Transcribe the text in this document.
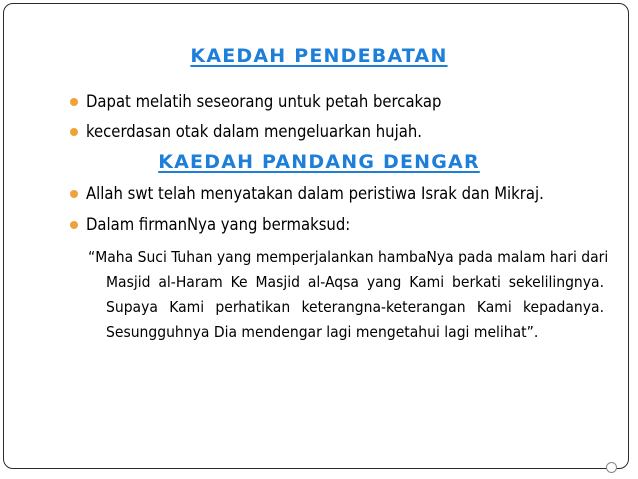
KAEDAH PENDEBATAN
Dapat melatih seseorang untuk petah bercakap
kecerdasan otak dalam mengeluarkan hujah.
KAEDAH PANDANG DENGAR
Allah swt telah menyatakan dalam peristiwa Israk dan Mikraj.
Dalam firmanNya yang bermaksud:
“Maha Suci Tuhan yang memperjalankan hambaNya pada malam hari dari
Masjid al-Haram Ke Masjid al-Aqsa yang Kami berkati sekelilingnya.
Supaya Kami perhatikan keterangna-keterangan Kami kepadanya.
Sesungguhnya Dia mendengar lagi mengetahui lagi melihat”.
